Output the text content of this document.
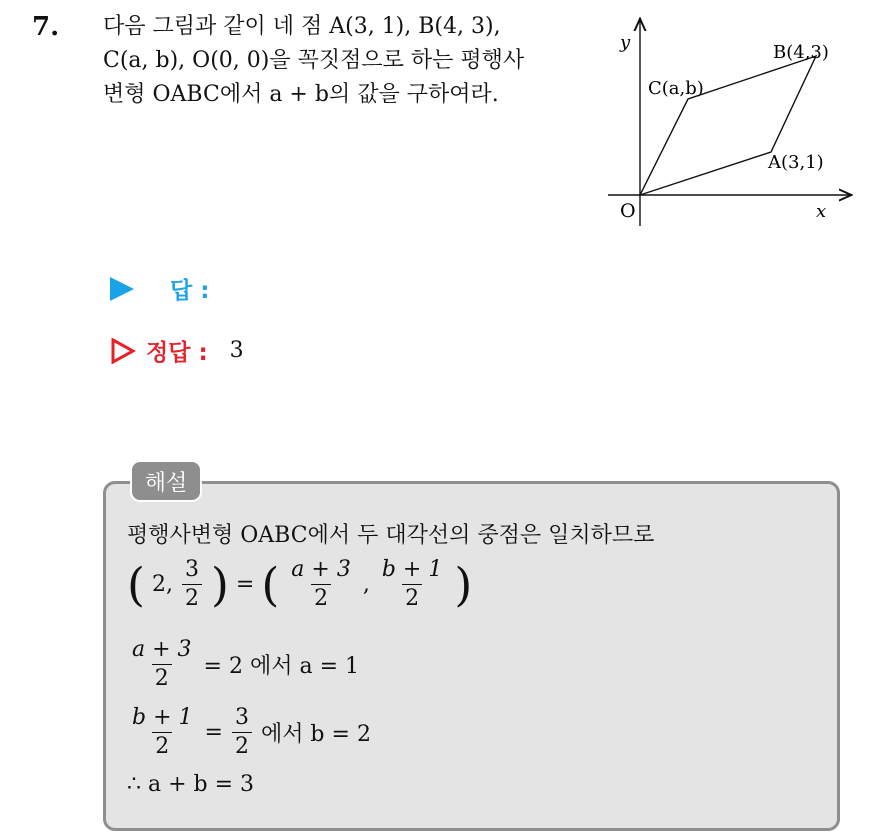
7. 다음 그림과 같이 네 점 A(3, 1), B(4, 3),
C(a, b), O(0, 0)을 꼭짓점으로 하는 평행사
변형 OABC에서 a + b의 값을 구하여라.
y
x
O
A(3,1)
B(4,3)
C(a,b)
답 :
정답 : 3
해설
평행사변형 OABC에서 두 대각선의 중점은 일치하므로
( 2, $\frac{3}{2}$ ) = ( $\frac{a + 3}{2}$ , $\frac{b + 1}{2}$ )
$\frac{a + 3}{2} = 2$ 에서 a = 1
$\frac{b + 1}{2} = \frac{3}{2}$ 에서 b = 2
∴ a + b = 3
